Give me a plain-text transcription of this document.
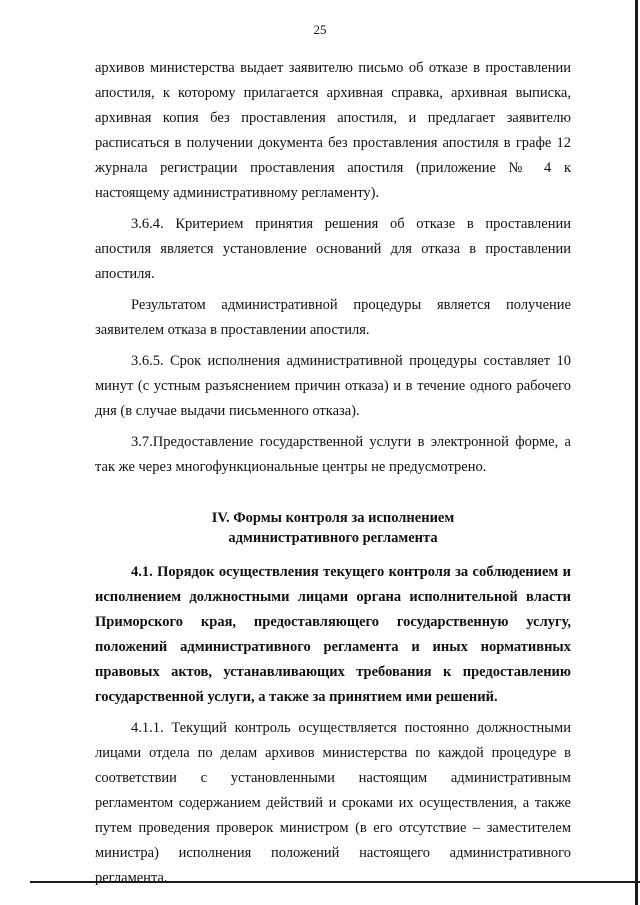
25

архивов министерства выдает заявителю письмо об отказе в проставлении апостиля, к которому прилагается архивная справка, архивная выписка, архивная копия без проставления апостиля, и предлагает заявителю расписаться в получении документа без проставления апостиля в графе 12 журнала регистрации проставления апостиля (приложение № 4 к настоящему административному регламенту).

3.6.4. Критерием принятия решения об отказе в проставлении апостиля является установление оснований для отказа в проставлении апостиля.

Результатом административной процедуры является получение заявителем отказа в проставлении апостиля.

3.6.5. Срок исполнения административной процедуры составляет 10 минут (с устным разъяснением причин отказа) и в течение одного рабочего дня (в случае выдачи письменного отказа).

3.7.Предоставление государственной услуги в электронной форме, а так же через многофункциональные центры не предусмотрено.

IV. Формы контроля за исполнением
административного регламента

4.1. Порядок осуществления текущего контроля за соблюдением и исполнением должностными лицами органа исполнительной власти Приморского края, предоставляющего государственную услугу, положений административного регламента и иных нормативных правовых актов, устанавливающих требования к предоставлению государственной услуги, а также за принятием ими решений.

4.1.1. Текущий контроль осуществляется постоянно должностными лицами отдела по делам архивов министерства по каждой процедуре в соответствии с установленными настоящим административным регламентом содержанием действий и сроками их осуществления, а также путем проведения проверок министром (в его отсутствие – заместителем министра) исполнения положений настоящего административного регламента.
